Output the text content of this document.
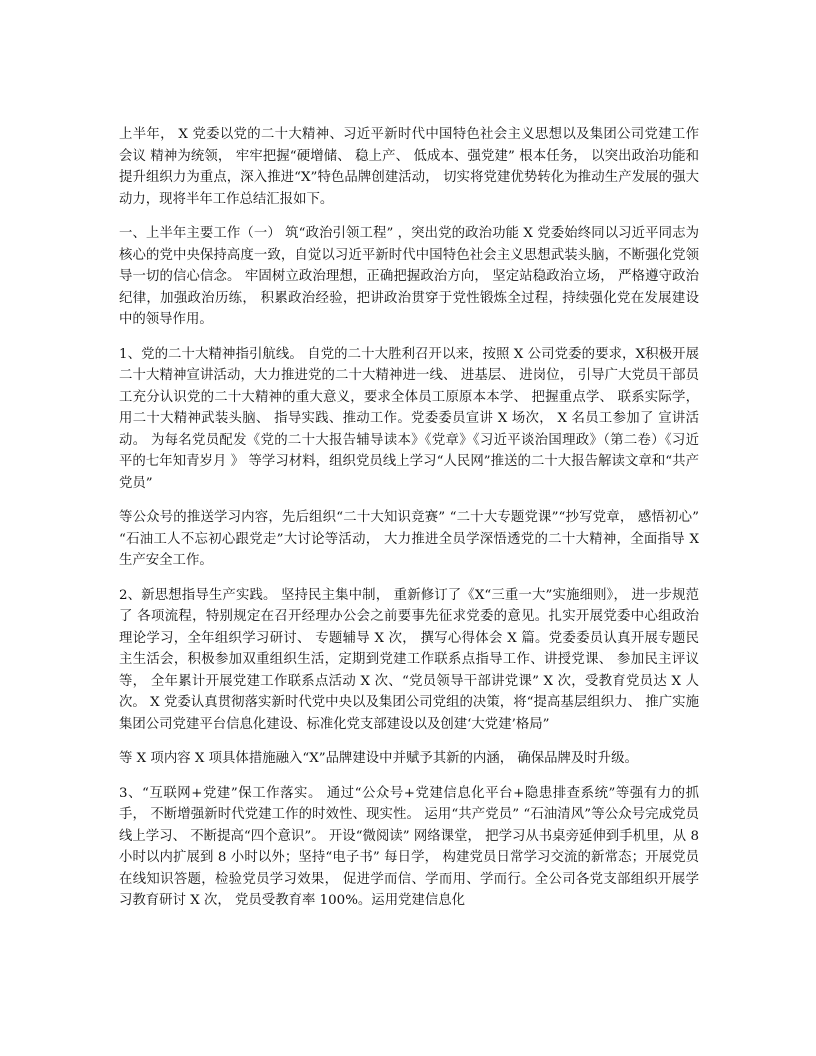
上半年， X 党委以党的二十大精神、习近平新时代中国特色社会主义思想以及集团公司党建工作会议 精神为统领， 牢牢把握“硬增储、 稳上产、 低成本、强党建” 根本任务， 以突出政治功能和提升组织力为重点，深入推进“X”特色品牌创建活动， 切实将党建优势转化为推动生产发展的强大动力，现将半年工作总结汇报如下。

一、上半年主要工作（一） 筑“政治引领工程” ，突出党的政治功能 X 党委始终同以习近平同志为核心的党中央保持高度一致，自觉以习近平新时代中国特色社会主义思想武装头脑，不断强化党领导一切的信心信念。 牢固树立政治理想，正确把握政治方向， 坚定站稳政治立场， 严格遵守政治纪律，加强政治历练， 积累政治经验，把讲政治贯穿于党性锻炼全过程，持续强化党在发展建设中的领导作用。

1、党的二十大精神指引航线。 自党的二十大胜利召开以来，按照 X 公司党委的要求，X积极开展二十大精神宣讲活动，大力推进党的二十大精神进一线、 进基层、 进岗位， 引导广大党员干部员工充分认识党的二十大精神的重大意义，要求全体员工原原本本学、 把握重点学、 联系实际学， 用二十大精神武装头脑、 指导实践、推动工作。党委委员宣讲 X 场次， X 名员工参加了 宣讲活动。 为每名党员配发《党的二十大报告辅导读本》《党章》《习近平谈治国理政》（第二卷）《习近平的七年知青岁月 》 等学习材料，组织党员线上学习“人民网”推送的二十大报告解读文章和“共产党员”

等公众号的推送学习内容，先后组织“二十大知识竞赛” “二十大专题党课”“抄写党章， 感悟初心” “石油工人不忘初心跟党走”大讨论等活动， 大力推进全员学深悟透党的二十大精神，全面指导 X 生产安全工作。

2、新思想指导生产实践。 坚持民主集中制， 重新修订了《X“三重一大”实施细则》， 进一步规范了 各项流程，特别规定在召开经理办公会之前要事先征求党委的意见。扎实开展党委中心组政治理论学习，全年组织学习研讨、 专题辅导 X 次， 撰写心得体会 X 篇。党委委员认真开展专题民主生活会，积极参加双重组织生活，定期到党建工作联系点指导工作、讲授党课、 参加民主评议等， 全年累计开展党建工作联系点活动 X 次、“党员领导干部讲党课” X 次，受教育党员达 X 人次。 X 党委认真贯彻落实新时代党中央以及集团公司党组的决策，将“提高基层组织力、 推广实施集团公司党建平台信息化建设、标准化党支部建设以及创建‘大党建’格局”

等 X 项内容 X 项具体措施融入“X”品牌建设中并赋予其新的内涵， 确保品牌及时升级。

3、“互联网+党建”保工作落实。 通过“公众号+党建信息化平台+隐患排查系统”等强有力的抓手， 不断增强新时代党建工作的时效性、现实性。 运用“共产党员” “石油清风”等公众号完成党员线上学习、 不断提高“四个意识”。 开设“微阅读” 网络课堂， 把学习从书桌旁延伸到手机里，从 8 小时以内扩展到 8 小时以外；坚持“电子书” 每日学， 构建党员日常学习交流的新常态；开展党员在线知识答题，检验党员学习效果， 促进学而信、学而用、学而行。全公司各党支部组织开展学习教育研讨 X 次， 党员受教育率 100%。运用党建信息化
